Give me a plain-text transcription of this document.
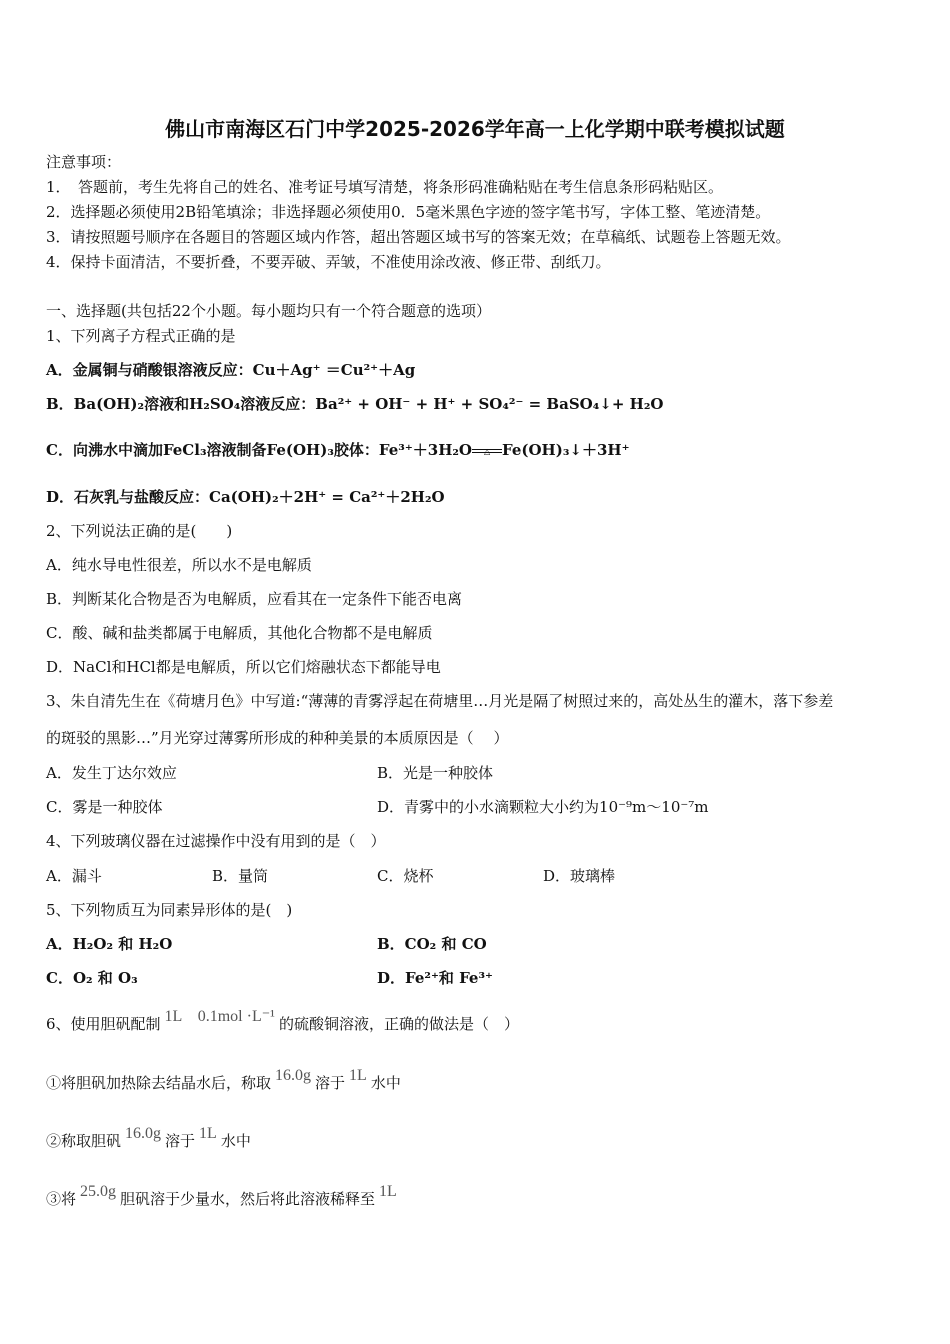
佛山市南海区石门中学2025-2026学年高一上化学期中联考模拟试题
注意事项：
1．　答题前，考生先将自己的姓名、准考证号填写清楚，将条形码准确粘贴在考生信息条形码粘贴区。
2．选择题必须使用2B铅笔填涂；非选择题必须使用0．5毫米黑色字迹的签字笔书写，字体工整、笔迹清楚。
3．请按照题号顺序在各题目的答题区域内作答，超出答题区域书写的答案无效；在草稿纸、试题卷上答题无效。
4．保持卡面清洁，不要折叠，不要弄破、弄皱，不准使用涂改液、修正带、刮纸刀。
一、选择题(共包括22个小题。每小题均只有一个符合题意的选项）
1、下列离子方程式正确的是
A．金属铜与硝酸银溶液反应：Cu＋Ag⁺ ＝Cu²⁺＋Ag
B．Ba(OH)₂溶液和H₂SO₄溶液反应：Ba²⁺ + OH⁻ + H⁺ + SO₄²⁻ = BaSO₄↓+ H₂O
C．向沸水中滴加FeCl₃溶液制备Fe(OH)₃胶体：Fe³⁺＋3H₂O	△ Fe(OH)₃↓＋3H⁺
D．石灰乳与盐酸反应：Ca(OH)₂＋2H⁺ = Ca²⁺＋2H₂O
2、下列说法正确的是(　　)
A．纯水导电性很差，所以水不是电解质
B．判断某化合物是否为电解质，应看其在一定条件下能否电离
C．酸、碱和盐类都属于电解质，其他化合物都不是电解质
D．NaCl和HCl都是电解质，所以它们熔融状态下都能导电
3、朱自清先生在《荷塘月色》中写道:“薄薄的青雾浮起在荷塘里…月光是隔了树照过来的，高处丛生的灌木，落下参差
的斑驳的黑影…”月光穿过薄雾所形成的种种美景的本质原因是（　 ）
A．发生丁达尔效应	B．光是一种胶体
C．雾是一种胶体	D．青雾中的小水滴颗粒大小约为10⁻⁹m～10⁻⁷m
4、下列玻璃仪器在过滤操作中没有用到的是（　）
A．漏斗	B．量筒	C．烧杯	D．玻璃棒
5、下列物质互为同素异形体的是(　)
A．H₂O₂ 和 H₂O	B．CO₂ 和 CO
C．O₂ 和 O₃	D．Fe²⁺和 Fe³⁺
6、使用胆矾配制 1L　0.1mol ·L⁻¹ 的硫酸铜溶液，正确的做法是（　）
①将胆矾加热除去结晶水后，称取 16.0g 溶于 1L 水中
②称取胆矾 16.0g 溶于 1L 水中
③将 25.0g 胆矾溶于少量水，然后将此溶液稀释至 1L
